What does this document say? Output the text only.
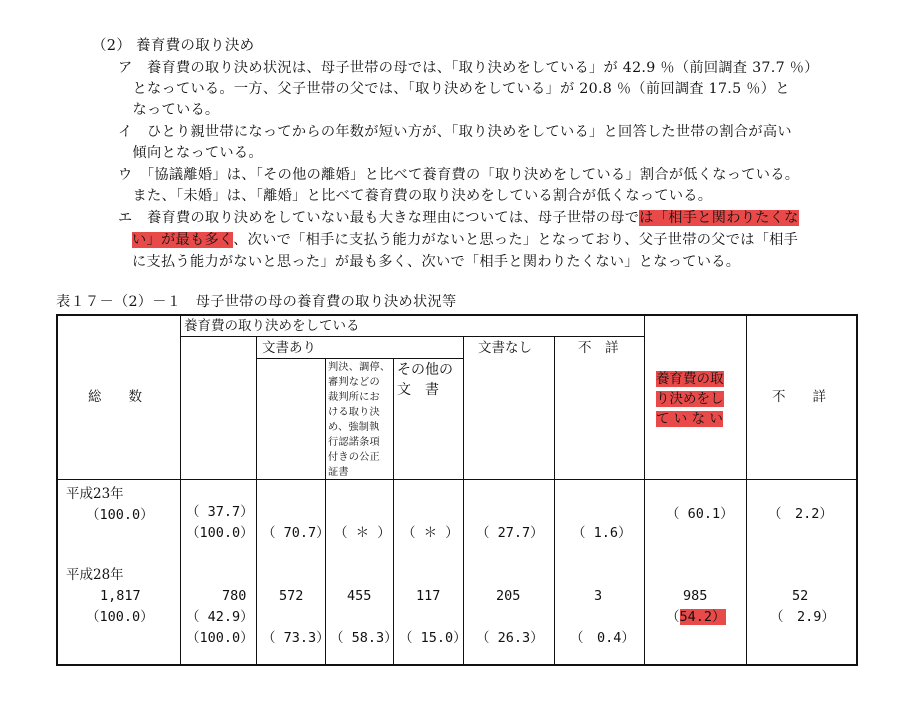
（2） 養育費の取り決め
ア　養育費の取り決め状況は、母子世帯の母では、「取り決めをしている」が 42.9 ％（前回調査 37.7 ％）
　となっている。一方、父子世帯の父では、「取り決めをしている」が 20.8 ％（前回調査 17.5 ％）と
　なっている。
イ　ひとり親世帯になってからの年数が短い方が、「取り決めをしている」と回答した世帯の割合が高い
　傾向となっている。
ウ　「協議離婚」は、「その他の離婚」と比べて養育費の「取り決めをしている」割合が低くなっている。
　また、「未婚」は、「離婚」と比べて養育費の取り決めをしている割合が低くなっている。
エ　養育費の取り決めをしていない最も大きな理由については、母子世帯の母では「相手と関わりたくな
い」が最も多く、次いで「相手に支払う能力がないと思った」となっており、父子世帯の父では「相手
に支払う能力がないと思った」が最も多く、次いで「相手と関わりたくない」となっている。
表１７－（2）－１　母子世帯の母の養育費の取り決め状況等
総　　数
養育費の取り決めをしている
文書あり
判決、調停、
審判などの
裁判所にお
ける取り決
め、強制執
行認諾条項
付きの公正
証書
その他の
文　書
文書なし	不　詳
養育費の取
り決めをし
て い な い
不　　詳
平成23年
（100.0） （ 37.7）
（100.0） （ 70.7） （ ＊ ） （ ＊ ） （ 27.7） （ 1.6）
（ 60.1）	（　2.2）
平成28年
1,817
（100.0）
780
（ 42.9）
（100.0）
572
（ 73.3）
455
（ 58.3）
117
（ 15.0）
205
（ 26.3）
3
（　0.4）
985
（54.2）
52
（　2.9）
